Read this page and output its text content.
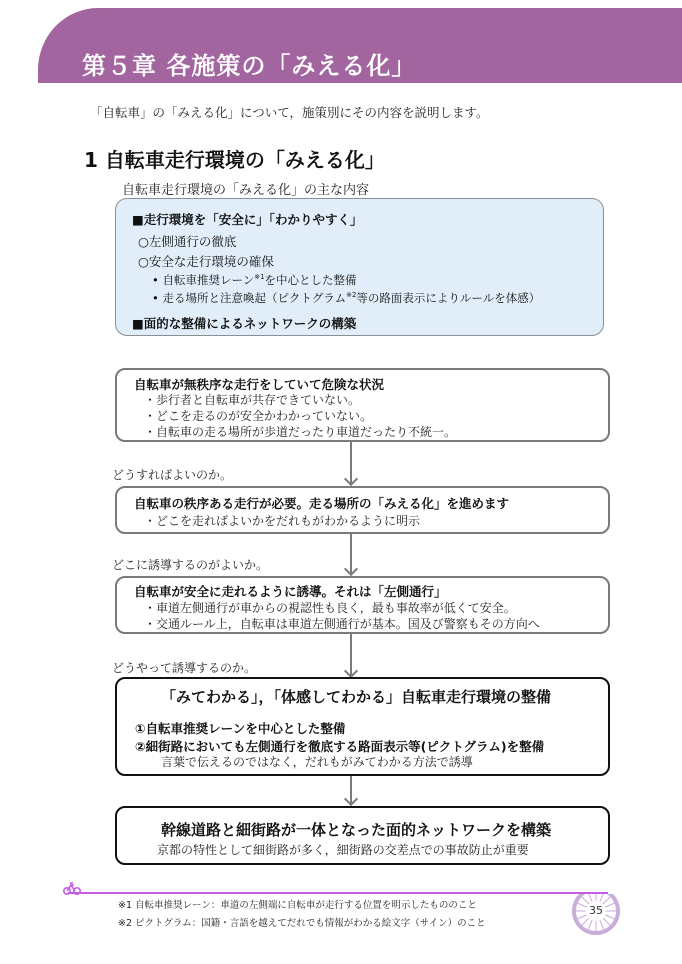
第５章 各施策の「みえる化」
「自転車」の「みえる化」について，施策別にその内容を説明します。
1 自転車走行環境の「みえる化」
自転車走行環境の「みえる化」の主な内容
■走行環境を「安全に」「わかりやすく」
○左側通行の徹底
○安全な走行環境の確保
• 自転車推奨レーン$^{※1}$を中心とした整備
• 走る場所と注意喚起（ピクトグラム$^{※2}$等の路面表示によりルールを体感）
■面的な整備によるネットワークの構築
自転車が無秩序な走行をしていて危険な状況
・歩行者と自転車が共存できていない。
・どこを走るのが安全かわかっていない。
・自転車の走る場所が歩道だったり車道だったり不統一。
どうすればよいのか。
自転車の秩序ある走行が必要。走る場所の「みえる化」を進めます
・どこを走ればよいかをだれもがわかるように明示
どこに誘導するのがよいか。
自転車が安全に走れるように誘導。それは「左側通行」
・車道左側通行が車からの視認性も良く，最も事故率が低くて安全。
・交通ルール上，自転車は車道左側通行が基本。国及び警察もその方向へ
どうやって誘導するのか。
「みてわかる」，「体感してわかる」自転車走行環境の整備
①自転車推奨レーンを中心とした整備
②細街路においても左側通行を徹底する路面表示等(ピクトグラム)を整備
言葉で伝えるのではなく，だれもがみてわかる方法で誘導
幹線道路と細街路が一体となった面的ネットワークを構築
京都の特性として細街路が多く，細街路の交差点での事故防止が重要
※1 自転車推奨レーン：車道の左側端に自転車が走行する位置を明示したもののこと
※2 ピクトグラム：国籍・言語を越えてだれでも情報がわかる絵文字（サイン）のこと
35
